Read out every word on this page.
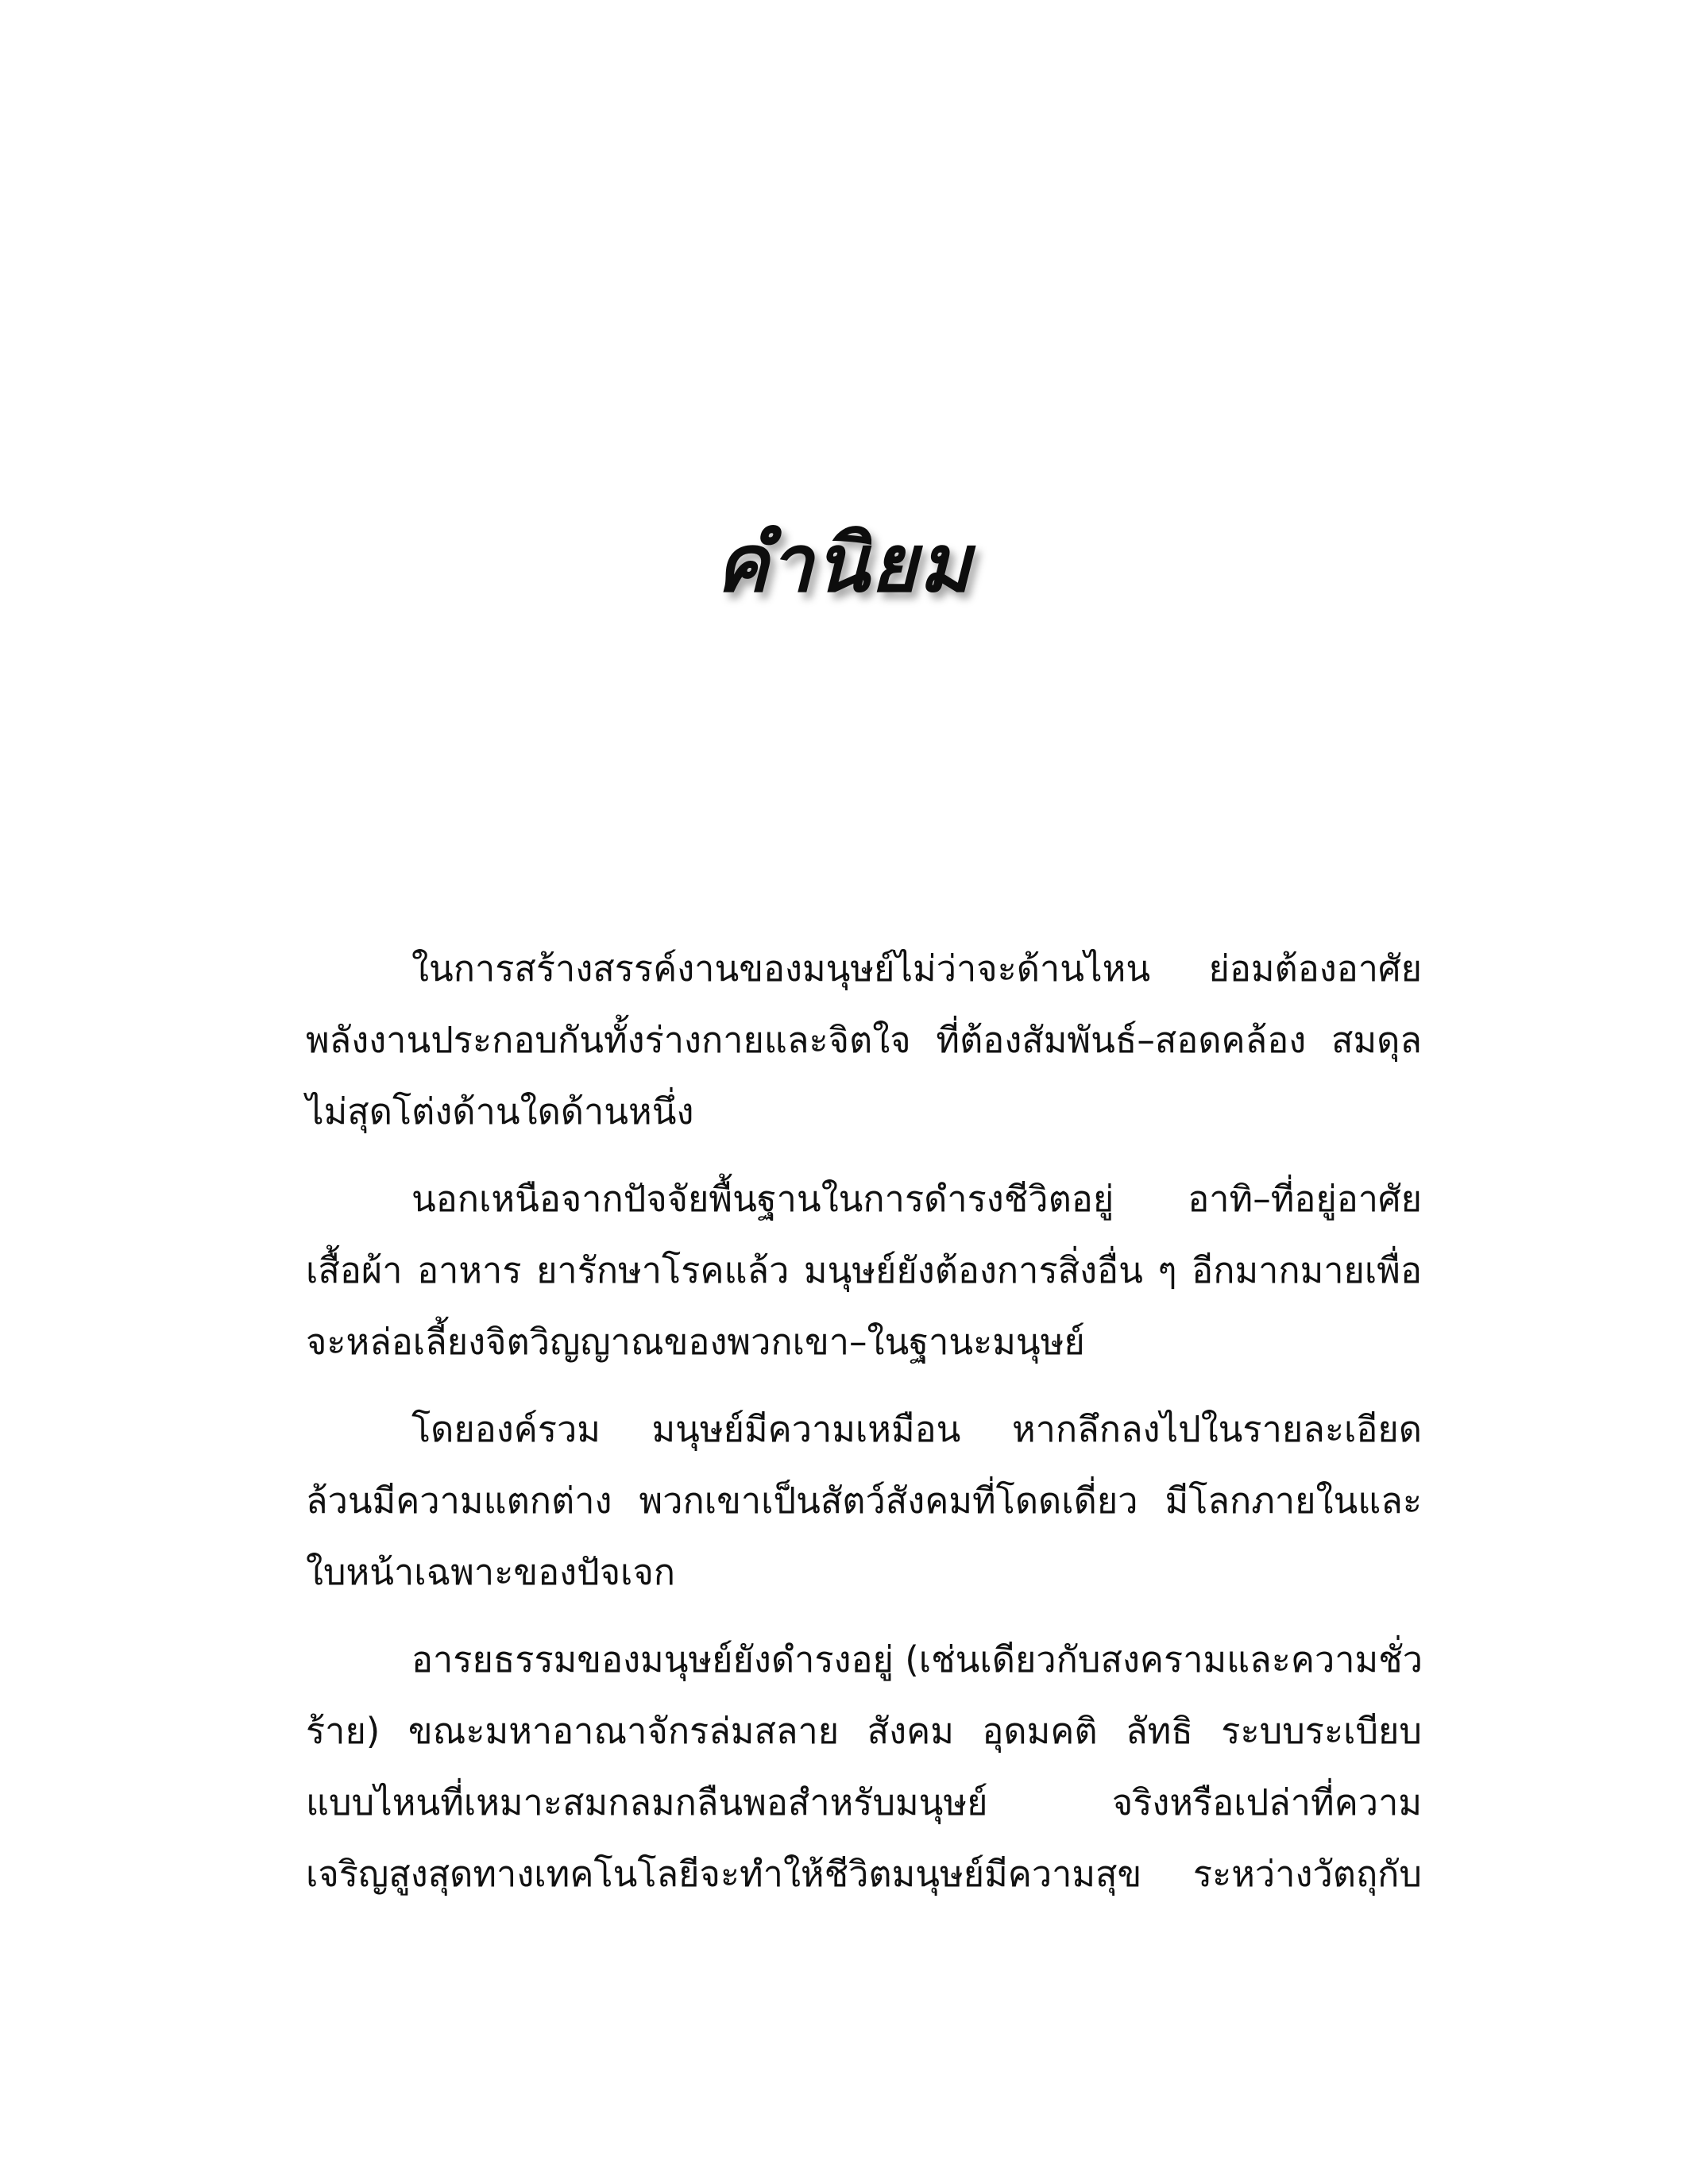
คำนิยม
ในการสร้างสรรค์งานของมนุษย์ไม่ว่าจะด้านไหน ย่อมต้องอาศัย
พลังงานประกอบกันทั้งร่างกายและจิตใจ ที่ต้องสัมพันธ์–สอดคล้อง สมดุล
ไม่สุดโต่งด้านใดด้านหนึ่ง
นอกเหนือจากปัจจัยพื้นฐานในการดำรงชีวิตอยู่ อาทิ–ที่อยู่อาศัย
เสื้อผ้า อาหาร ยารักษาโรคแล้ว มนุษย์ยังต้องการสิ่งอื่น ๆ อีกมากมายเพื่อ
จะหล่อเลี้ยงจิตวิญญาณของพวกเขา–ในฐานะมนุษย์
โดยองค์รวม มนุษย์มีความเหมือน หากลึกลงไปในรายละเอียด
ล้วนมีความแตกต่าง พวกเขาเป็นสัตว์สังคมที่โดดเดี่ยว มีโลกภายในและ
ใบหน้าเฉพาะของปัจเจก
อารยธรรมของมนุษย์ยังดำรงอยู่ (เช่นเดียวกับสงครามและความชั่ว
ร้าย) ขณะมหาอาณาจักรล่มสลาย สังคม อุดมคติ ลัทธิ ระบบระเบียบ
แบบไหนที่เหมาะสมกลมกลืนพอสำหรับมนุษย์ จริงหรือเปล่าที่ความ
เจริญสูงสุดทางเทคโนโลยีจะทำให้ชีวิตมนุษย์มีความสุข ระหว่างวัตถุกับ
